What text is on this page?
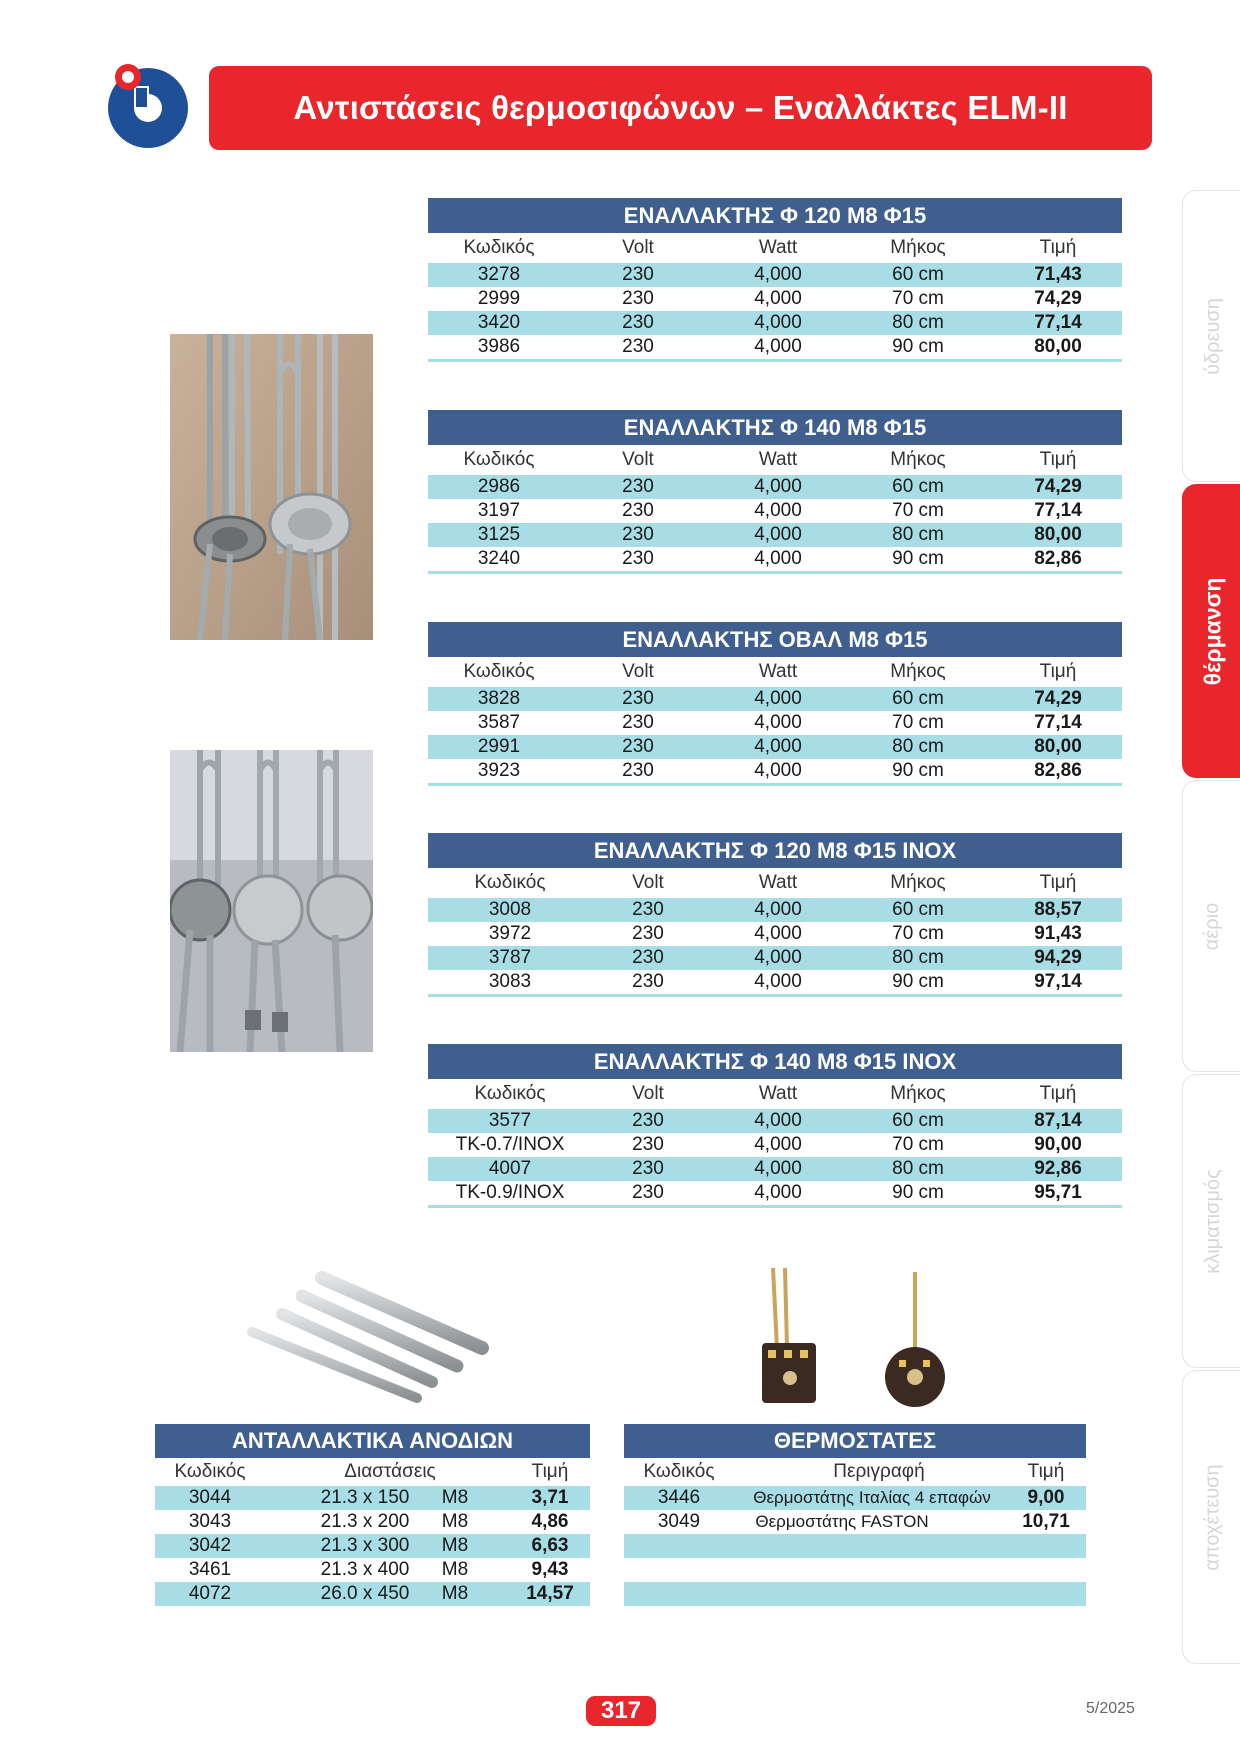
Αντιστάσεις θερμοσιφώνων – Εναλλάκτες ELM-II
ύδρευση
θέρμανση
αέριο
κλιματισμός
αποχέτευση
ΕΝΑΛΛΑΚΤΗΣ Φ 120 Μ8 Φ15
Κωδικός	Volt	Watt	Μήκος	Τιμή
3278	230	4,000	60 cm	71,43
2999	230	4,000	70 cm	74,29
3420	230	4,000	80 cm	77,14
3986	230	4,000	90 cm	80,00
ΕΝΑΛΛΑΚΤΗΣ Φ 140 Μ8 Φ15
Κωδικός	Volt	Watt	Μήκος	Τιμή
2986	230	4,000	60 cm	74,29
3197	230	4,000	70 cm	77,14
3125	230	4,000	80 cm	80,00
3240	230	4,000	90 cm	82,86
ΕΝΑΛΛΑΚΤΗΣ ΟΒΑΛ Μ8 Φ15
Κωδικός	Volt	Watt	Μήκος	Τιμή
3828	230	4,000	60 cm	74,29
3587	230	4,000	70 cm	77,14
2991	230	4,000	80 cm	80,00
3923	230	4,000	90 cm	82,86
ΕΝΑΛΛΑΚΤΗΣ Φ 120 Μ8 Φ15 INOX
Κωδικός	Volt	Watt	Μήκος	Τιμή
3008	230	4,000	60 cm	88,57
3972	230	4,000	70 cm	91,43
3787	230	4,000	80 cm	94,29
3083	230	4,000	90 cm	97,14
ΕΝΑΛΛΑΚΤΗΣ Φ 140 Μ8 Φ15 INOX
Κωδικός	Volt	Watt	Μήκος	Τιμή
3577	230	4,000	60 cm	87,14
TK-0.7/INOX	230	4,000	70 cm	90,00
4007	230	4,000	80 cm	92,86
TK-0.9/INOX	230	4,000	90 cm	95,71
ΑΝΤΑΛΛΑΚΤΙΚΑ ΑΝΟΔΙΩΝ
Κωδικός	Διαστάσεις	Τιμή
3044	21.3 x 150	M8	3,71
3043	21.3 x 200	M8	4,86
3042	21.3 x 300	M8	6,63
3461	21.3 x 400	M8	9,43
4072	26.0 x 450	M8	14,57
ΘΕΡΜΟΣΤΑΤΕΣ
Κωδικός	Περιγραφή	Τιμή
3446	Θερμοστάτης Ιταλίας 4 επαφών	9,00
3049	Θερμοστάτης FASTON	10,71
317	5/2025
